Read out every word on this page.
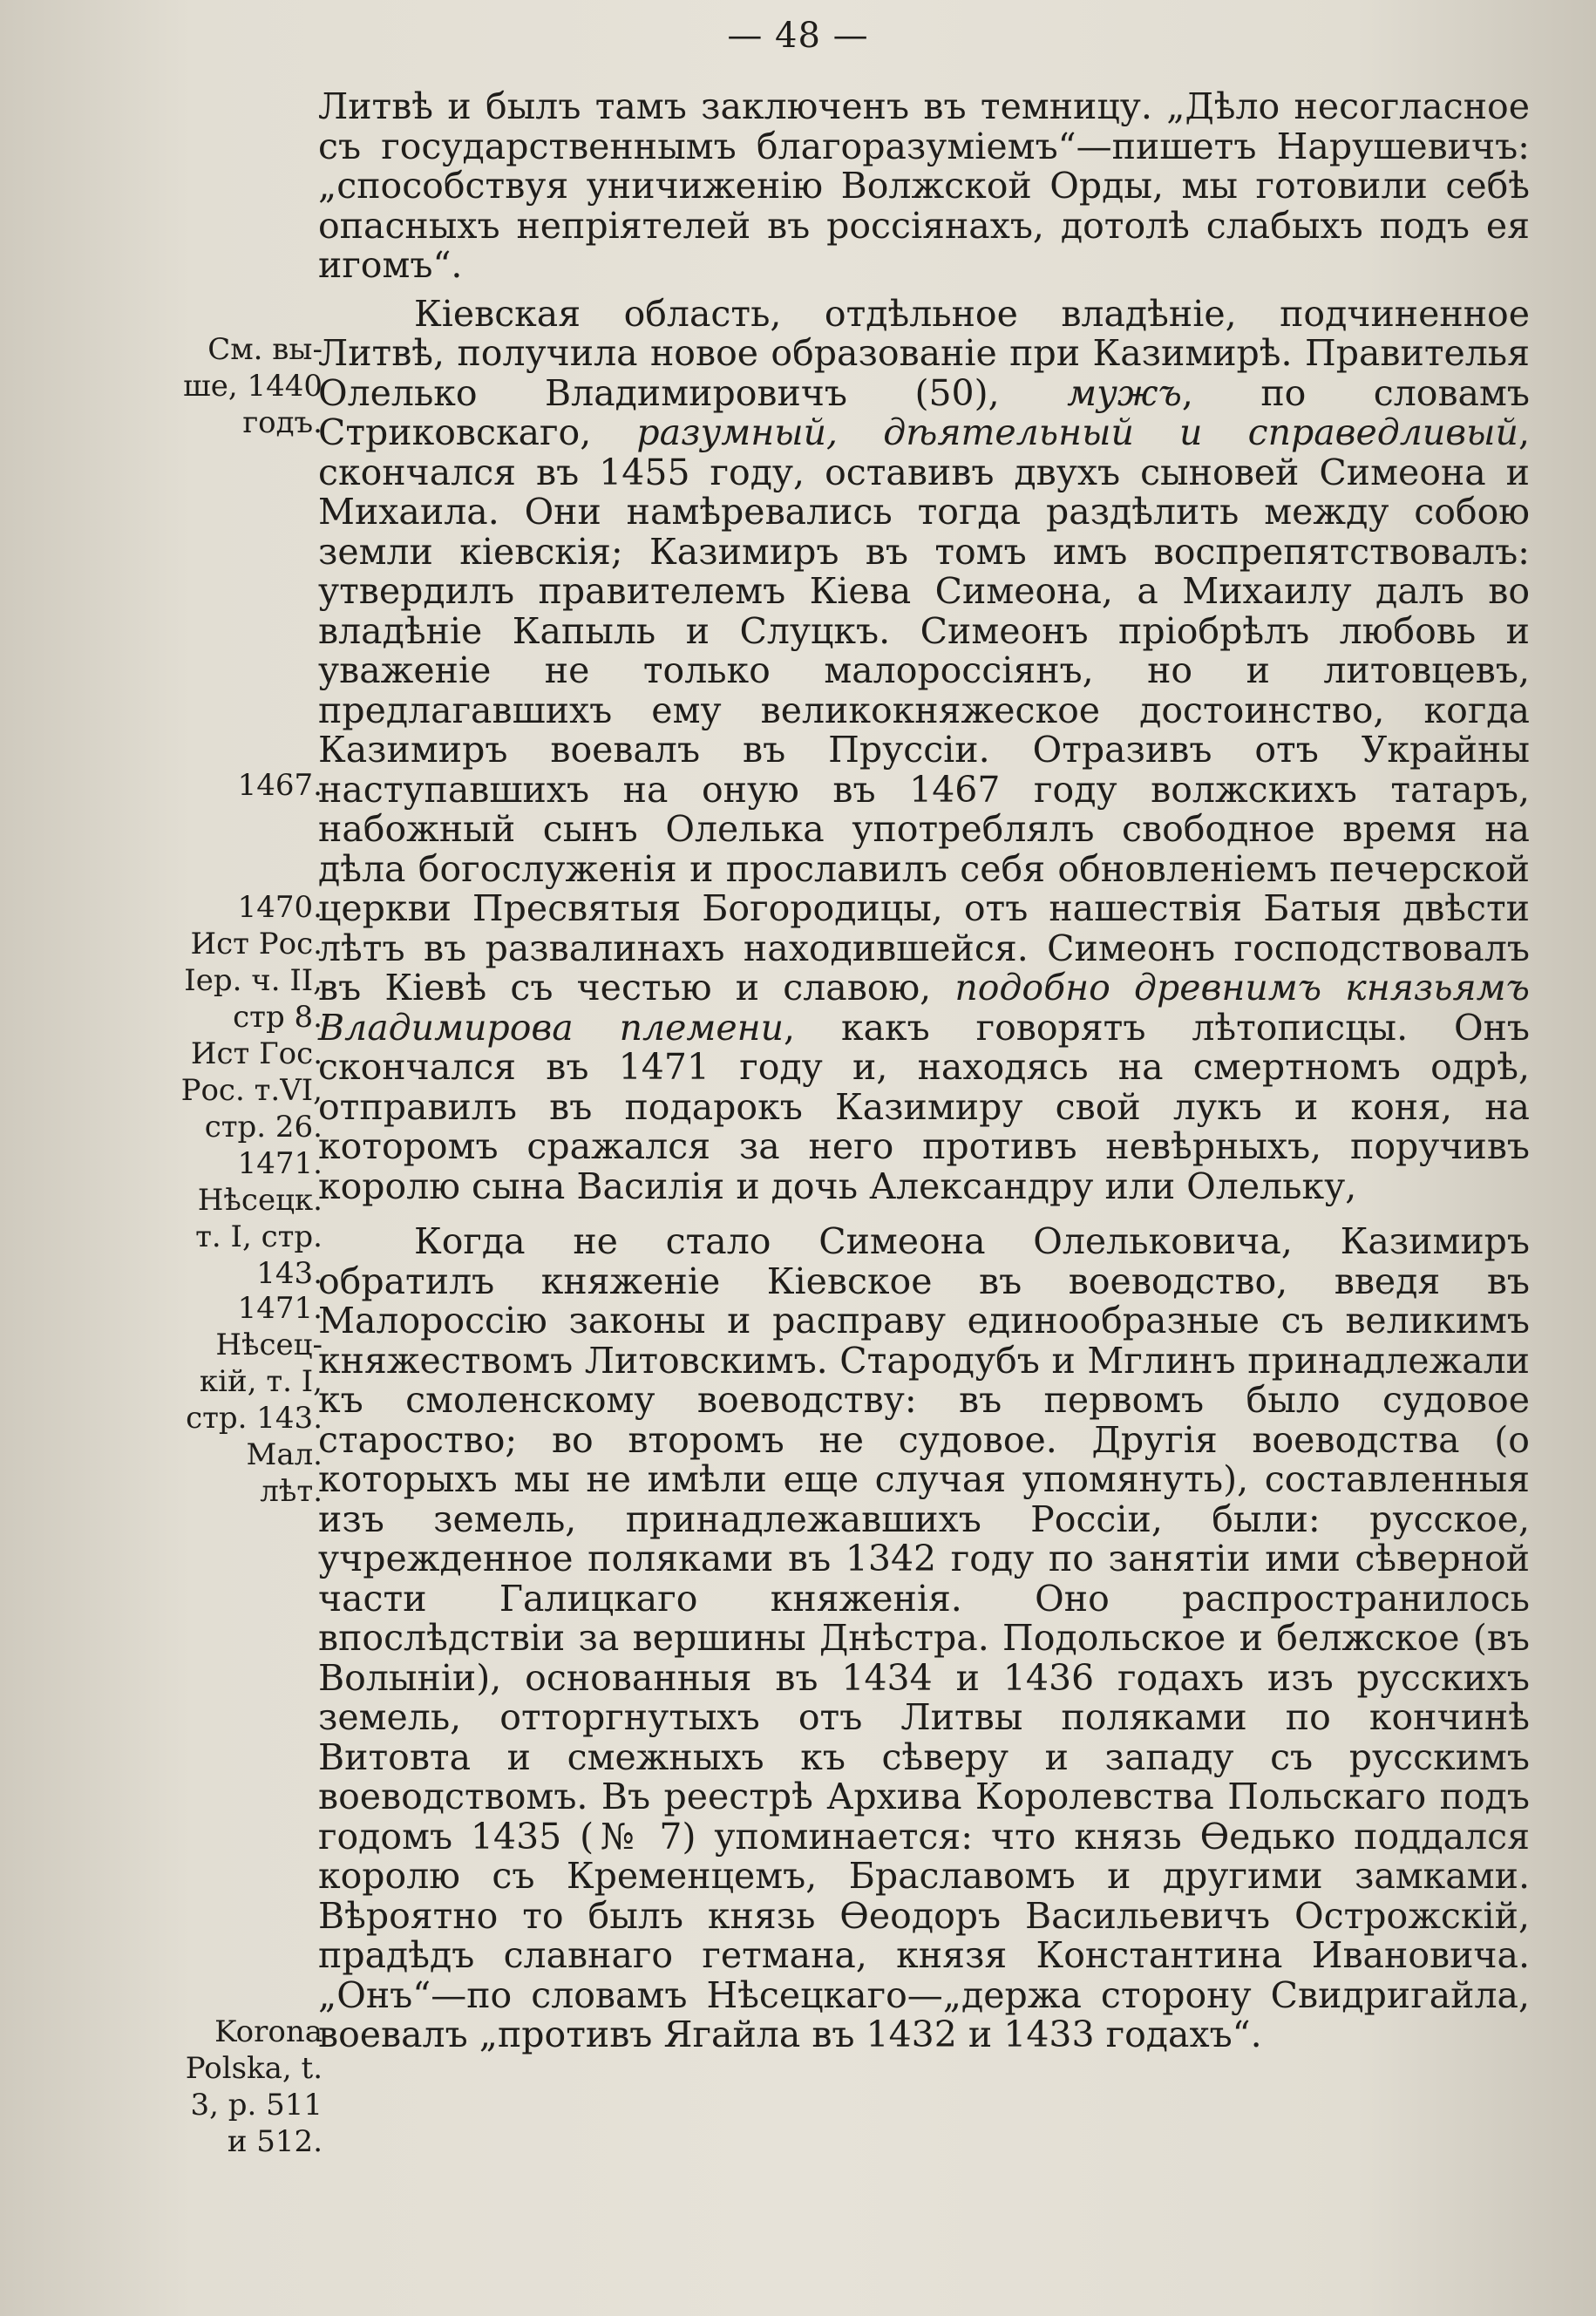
— 48 —
См. вы-
ше, 1440
годъ.
1467.
1470.
Ист Рос.
Iер. ч. II,
стр 8.
Ист Гос.
Рос. т.VI,
стр. 26.
1471.
Нѣсецк.
т. I, стр.
143.
1471.
Нѣсец-
кiй, т. I,
стр. 143.
Мал.
лѣт.
Korona
Polska, t.
3, p. 511
и 512.

Литвѣ и былъ тамъ заключенъ въ темницу. „Дѣло несогласное съ государственнымъ благоразумiемъ“—пишетъ Нарушевичъ: „способствуя уничиженiю Волжской Орды, мы готовили себѣ опасныхъ непрiятелей въ россiянахъ, дотолѣ слабыхъ подъ ея игомъ“.

Кiевская область, отдѣльное владѣнiе, подчиненное Литвѣ, получила новое образованiе при Казимирѣ. Правителья Олелько Владимировичъ (50), мужъ, по словамъ Стриковскаго, разумный, дѣятельный и справедливый, скончался въ 1455 году, оставивъ двухъ сыновей Симеона и Михаила. Они намѣревались тогда раздѣлить между собою земли кiевскiя; Казимиръ въ томъ имъ воспрепятствовалъ: утвердилъ правителемъ Кiева Симеона, а Михаилу далъ во владѣнiе Капыль и Слуцкъ. Симеонъ прiобрѣлъ любовь и уваженiе не только малороссiянъ, но и литовцевъ, предлагавшихъ ему великокняжеское достоинство, когда Казимиръ воевалъ въ Пруссiи. Отразивъ отъ Украйны наступавшихъ на оную въ 1467 году волжскихъ татаръ, набожный сынъ Олелька употреблялъ свободное время на дѣла богослуженiя и прославилъ себя обновленiемъ печерской церкви Пресвятыя Богородицы, отъ нашествiя Батыя двѣсти лѣтъ въ развалинахъ находившейся. Симеонъ господствовалъ въ Кiевѣ съ честью и славою, подобно древнимъ князьямъ Владимирова племени, какъ говорятъ лѣтописцы. Онъ скончался въ 1471 году и, находясь на смертномъ одрѣ, отправилъ въ подарокъ Казимиру свой лукъ и коня, на которомъ сражался за него противъ невѣрныхъ, поручивъ королю сына Василiя и дочь Александру или Олельку,

Когда не стало Симеона Олельковича, Казимиръ обратилъ княженiе Кiевское въ воеводство, введя въ Малороссiю законы и расправу единообразные съ великимъ княжествомъ Литовскимъ. Стародубъ и Мглинъ принадлежали къ смоленскому воеводству: въ первомъ было судовое староство; во второмъ не судовое. Другiя воеводства (о которыхъ мы не имѣли еще случая упомянуть), составленныя изъ земель, принадлежавшихъ Россiи, были: русское, учрежденное поляками въ 1342 году по занятiи ими сѣверной части Галицкаго княженiя. Оно распространилось впослѣдствiи за вершины Днѣстра. Подольское и белжское (въ Волынiи), основанныя въ 1434 и 1436 годахъ изъ русскихъ земель, отторгнутыхъ отъ Литвы поляками по кончинѣ Витовта и смежныхъ къ сѣверу и западу съ русскимъ воеводствомъ. Въ реестрѣ Архива Королевства Польскаго подъ годомъ 1435 (№ 7) упоминается: что князь Ѳедько поддался королю съ Кременцемъ, Браславомъ и другими замками. Вѣроятно то былъ князь Ѳеодоръ Васильевичъ Острожскiй, прадѣдъ славнаго гетмана, князя Константина Ивановича. „Онъ“—по словамъ Нѣсецкаго—„держа сторону Свидригайла, воевалъ „противъ Ягайла въ 1432 и 1433 годахъ“.
